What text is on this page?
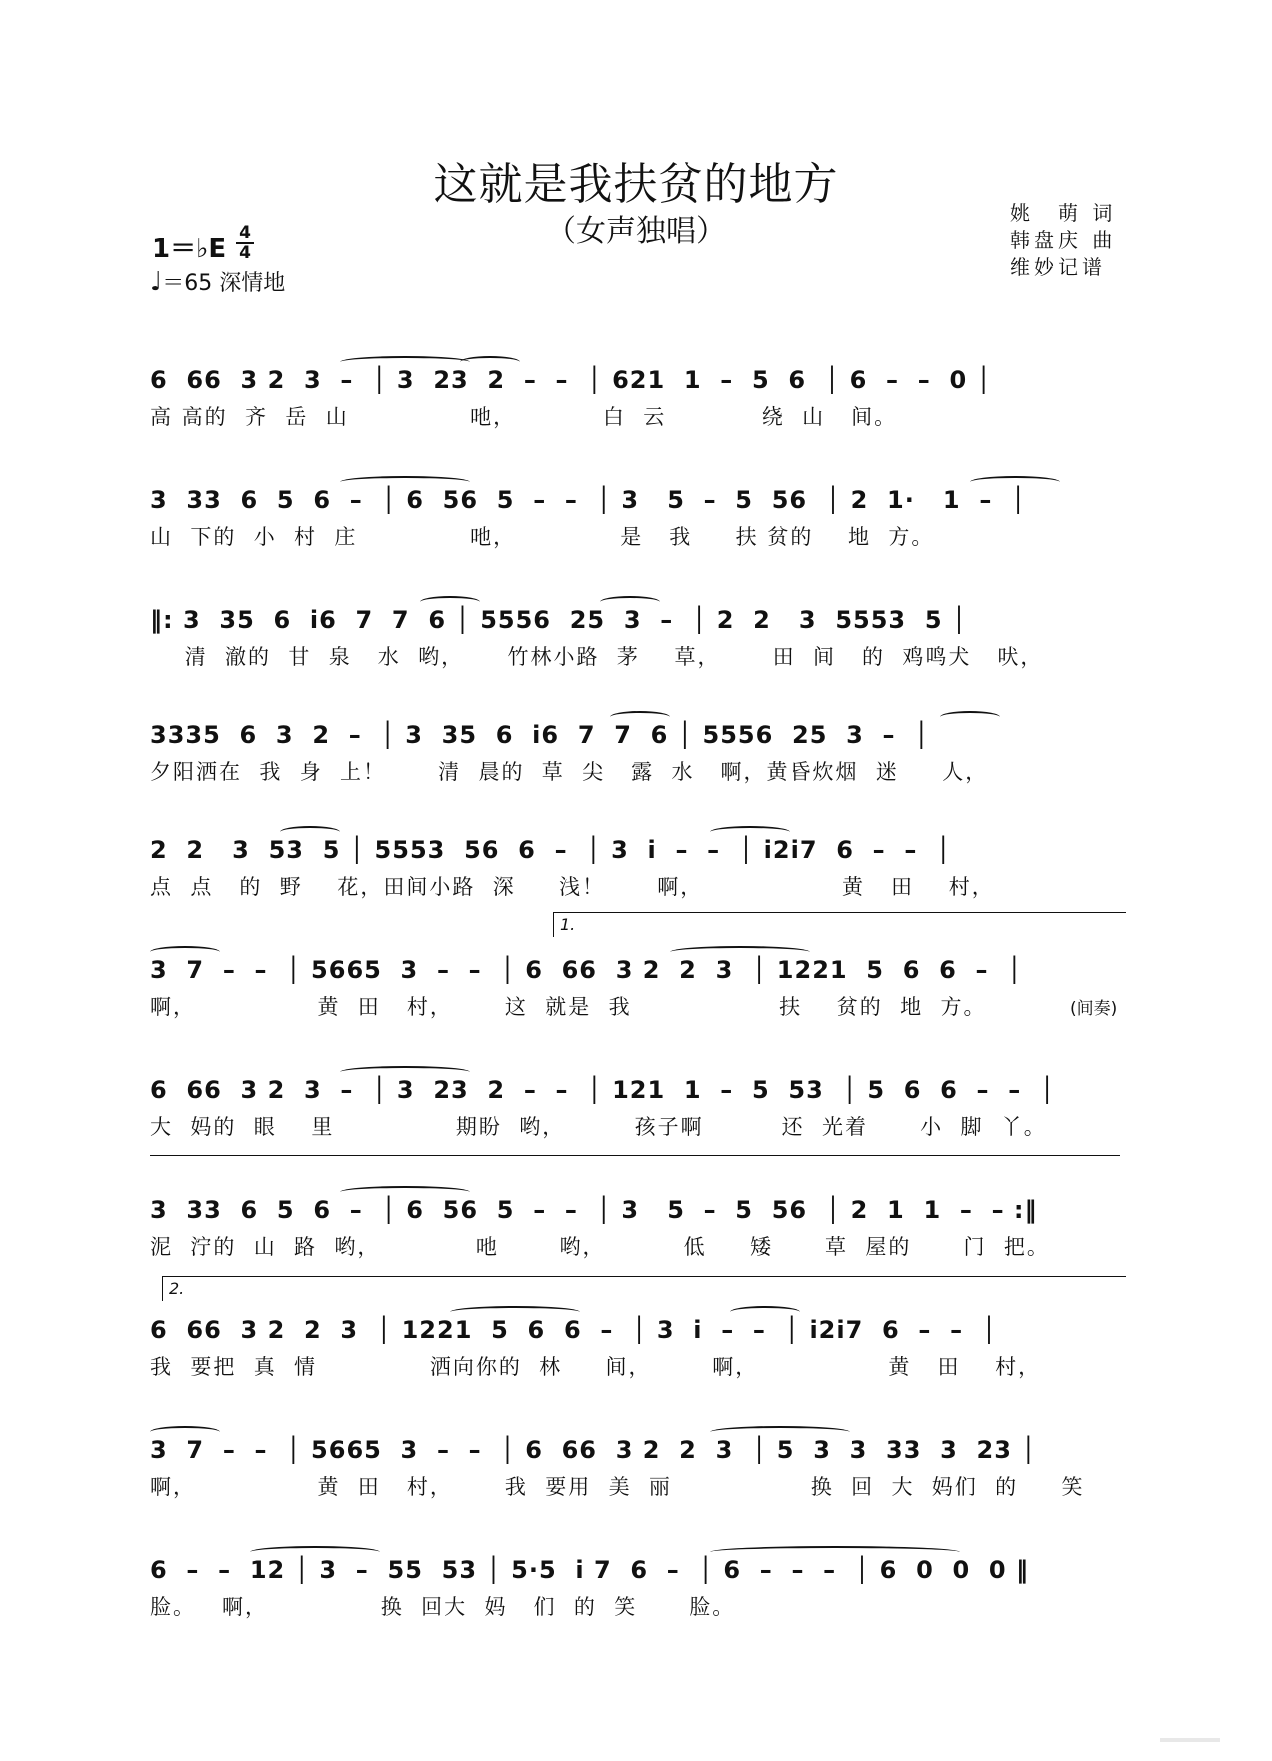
这就是我扶贫的地方
（女声独唱）
姚　萌 词
韩盘庆 曲
维妙记谱
1＝♭E
4
4
♩＝65 深情地
6  66  3 2  3  –  │ 3  23  2  –  –  │ 621  1  –  5  6  │ 6  –  –  0 │
高 高的  齐  岳  山              吔，          白  云           绕  山   间。
3  33  6  5  6  –  │ 6  56  5  –  –  │ 3   5  –  5  56  │ 2  1·   1  –  │
山  下的  小  村  庄             吔，            是   我     扶 贫的    地  方。
‖: 3  35  6  i6  7  7  6 │ 5556  25  3  –  │ 2  2   3  5553  5 │
清  澈的  甘  泉   水  哟，     竹林小路  茅    草，      田  间   的  鸡鸣犬   吠，
3335  6  3  2  –  │ 3  35  6  i6  7  7  6 │ 5556  25  3  –  │
夕阳洒在  我  身  上！      清  晨的  草  尖   露  水   啊，黄昏炊烟  迷     人，
2  2   3  53  5 │ 5553  56  6  –  │ 3  i  –  –  │ i2i7  6  –  –  │
点  点   的  野    花，田间小路  深     浅！      啊，                黄   田    村，
1.
3  7  –  –  │ 5665  3  –  –  │ 6  66  3 2  2  3  │ 1221  5  6  6  –  │
啊，              黄  田   村，      这  就是  我                 扶    贫的  地  方。	(间奏)
6  66  3 2  3  –  │ 3  23  2  –  –  │ 121  1  –  5  53  │ 5  6  6  –  –  │
大  妈的  眼    里              期盼  哟，        孩子啊         还  光着      小  脚  丫。
3  33  6  5  6  –  │ 6  56  5  –  –  │ 3   5  –  5  56  │ 2  1  1  –  – :‖
泥  泞的  山  路  哟，           吔       哟，         低     矮      草  屋的      门  把。
2.
6  66  3 2  2  3  │ 1221  5  6  6  –  │ 3  i  –  –  │ i2i7  6  –  –  │
我  要把  真  情             洒向你的  林     间，       啊，               黄   田    村，
3  7  –  –  │ 5665  3  –  –  │ 6  66  3 2  2  3  │ 5  3  3  33  3  23 │
啊，              黄  田   村，      我  要用  美  丽                换  回  大  妈们  的     笑
6  –  –  12 │ 3  –  55  53 │ 5·5  i 7  6  –  │ 6  –  –  –  │ 6  0  0  0 ‖
脸。   啊，             换  回大  妈   们  的  笑      脸。
